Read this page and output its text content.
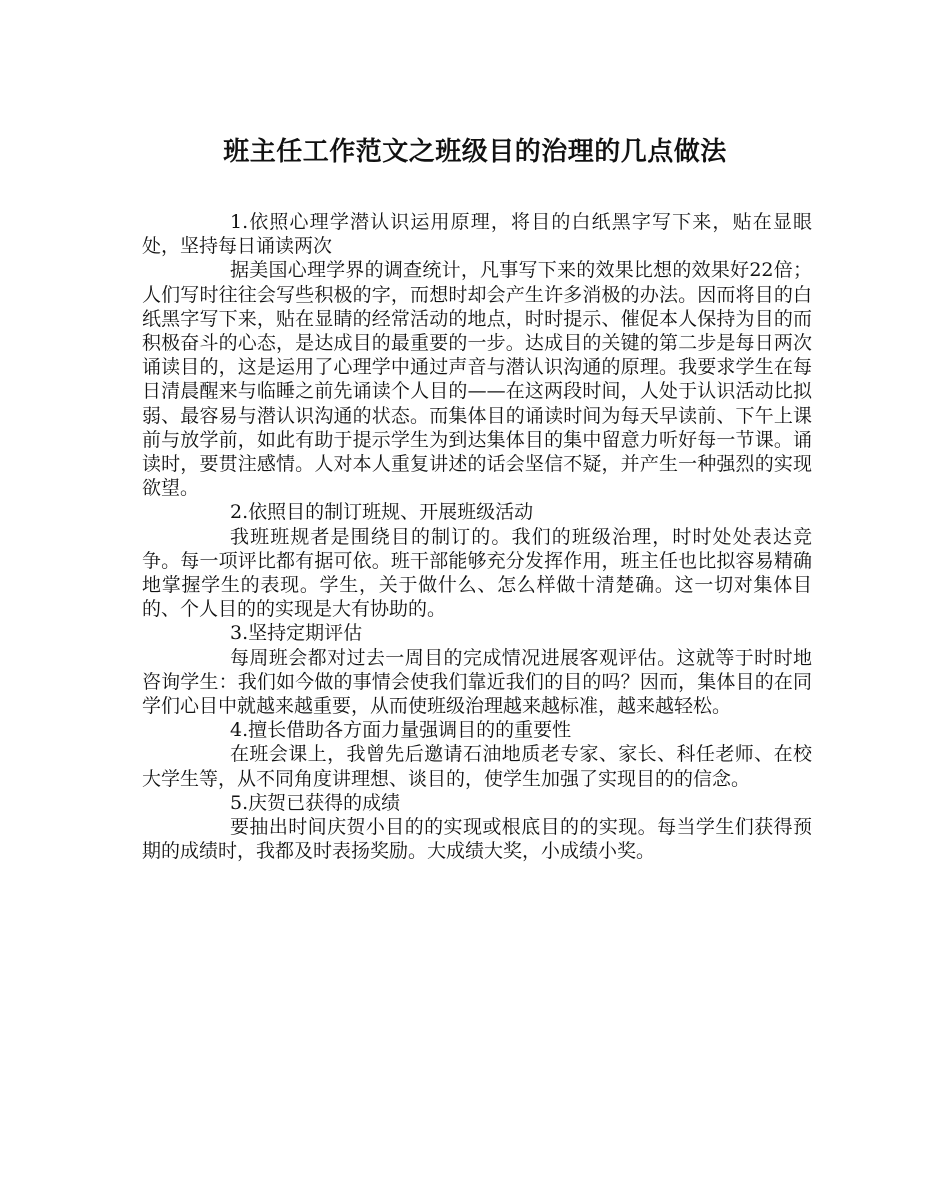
班主任工作范文之班级目的治理的几点做法

1.依照心理学潜认识运用原理，将目的白纸黑字写下来，贴在显眼处，坚持每日诵读两次

据美国心理学界的调查统计，凡事写下来的效果比想的效果好22倍；人们写时往往会写些积极的字，而想时却会产生许多消极的办法。因而将目的白纸黑字写下来，贴在显睛的经常活动的地点，时时提示、催促本人保持为目的而积极奋斗的心态，是达成目的最重要的一步。达成目的关键的第二步是每日两次诵读目的，这是运用了心理学中通过声音与潜认识沟通的原理。我要求学生在每日清晨醒来与临睡之前先诵读个人目的——在这两段时间，人处于认识活动比拟弱、最容易与潜认识沟通的状态。而集体目的诵读时间为每天早读前、下午上课前与放学前，如此有助于提示学生为到达集体目的集中留意力听好每一节课。诵读时，要贯注感情。人对本人重复讲述的话会坚信不疑，并产生一种强烈的实现欲望。

2.依照目的制订班规、开展班级活动

我班班规者是围绕目的制订的。我们的班级治理，时时处处表达竞争。每一项评比都有据可依。班干部能够充分发挥作用，班主任也比拟容易精确地掌握学生的表现。学生，关于做什么、怎么样做十清楚确。这一切对集体目的、个人目的的实现是大有协助的。

3.坚持定期评估

每周班会都对过去一周目的完成情况进展客观评估。这就等于时时地咨询学生：我们如今做的事情会使我们靠近我们的目的吗？因而，集体目的在同学们心目中就越来越重要，从而使班级治理越来越标准，越来越轻松。

4.擅长借助各方面力量强调目的的重要性

在班会课上，我曾先后邀请石油地质老专家、家长、科任老师、在校大学生等，从不同角度讲理想、谈目的，使学生加强了实现目的的信念。

5.庆贺已获得的成绩

要抽出时间庆贺小目的的实现或根底目的的实现。每当学生们获得预期的成绩时，我都及时表扬奖励。大成绩大奖，小成绩小奖。
